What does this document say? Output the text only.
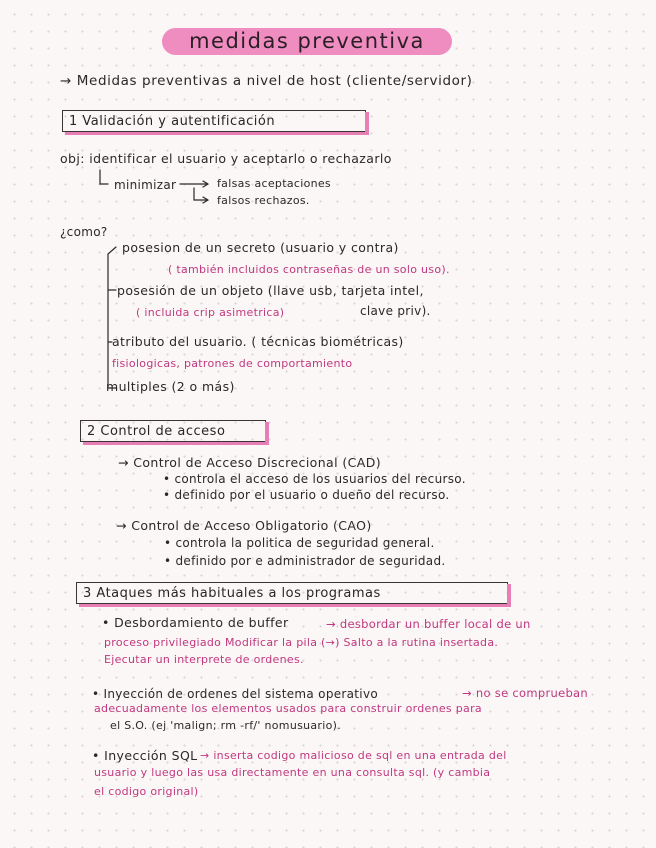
medidas preventiva
→ Medidas preventivas a nivel de host (cliente/servidor)
1 Validación y autentificación
obj: identificar el usuario y aceptarlo o rechazarlo
minimizar	falsas aceptaciones
falsos rechazos.
¿como?
posesion de un secreto (usuario y contra)
( también incluidos contraseñas de un solo uso).
posesión de un objeto (llave usb, tarjeta intel,
( incluida crip asimetrica)	clave priv).
atributo del usuario. ( técnicas biométricas)
fisiologicas, patrones de comportamiento
multiples (2 o más)
2 Control de acceso
→ Control de Acceso Discrecional (CAD)
• controla el acceso de los usuarios del recurso.
• definido por el usuario o dueño del recurso.
→ Control de Acceso Obligatorio (CAO)
• controla la politica de seguridad general.
• definido por e administrador de seguridad.
3 Ataques más habituales a los programas
• Desbordamiento de buffer	→ desbordar un buffer local de un
proceso privilegiado Modificar la pila (→) Salto a la rutina insertada.
Ejecutar un interprete de ordenes.
• Inyección de ordenes del sistema operativo	→ no se comprueban
adecuadamente los elementos usados para construir ordenes para
el S.O. (ej 'malign; rm -rf/' nomusuario).
• Inyección SQL → inserta codigo malicioso de sql en una entrada del
usuario y luego las usa directamente en una consulta sql. (y cambia
el codigo original)
